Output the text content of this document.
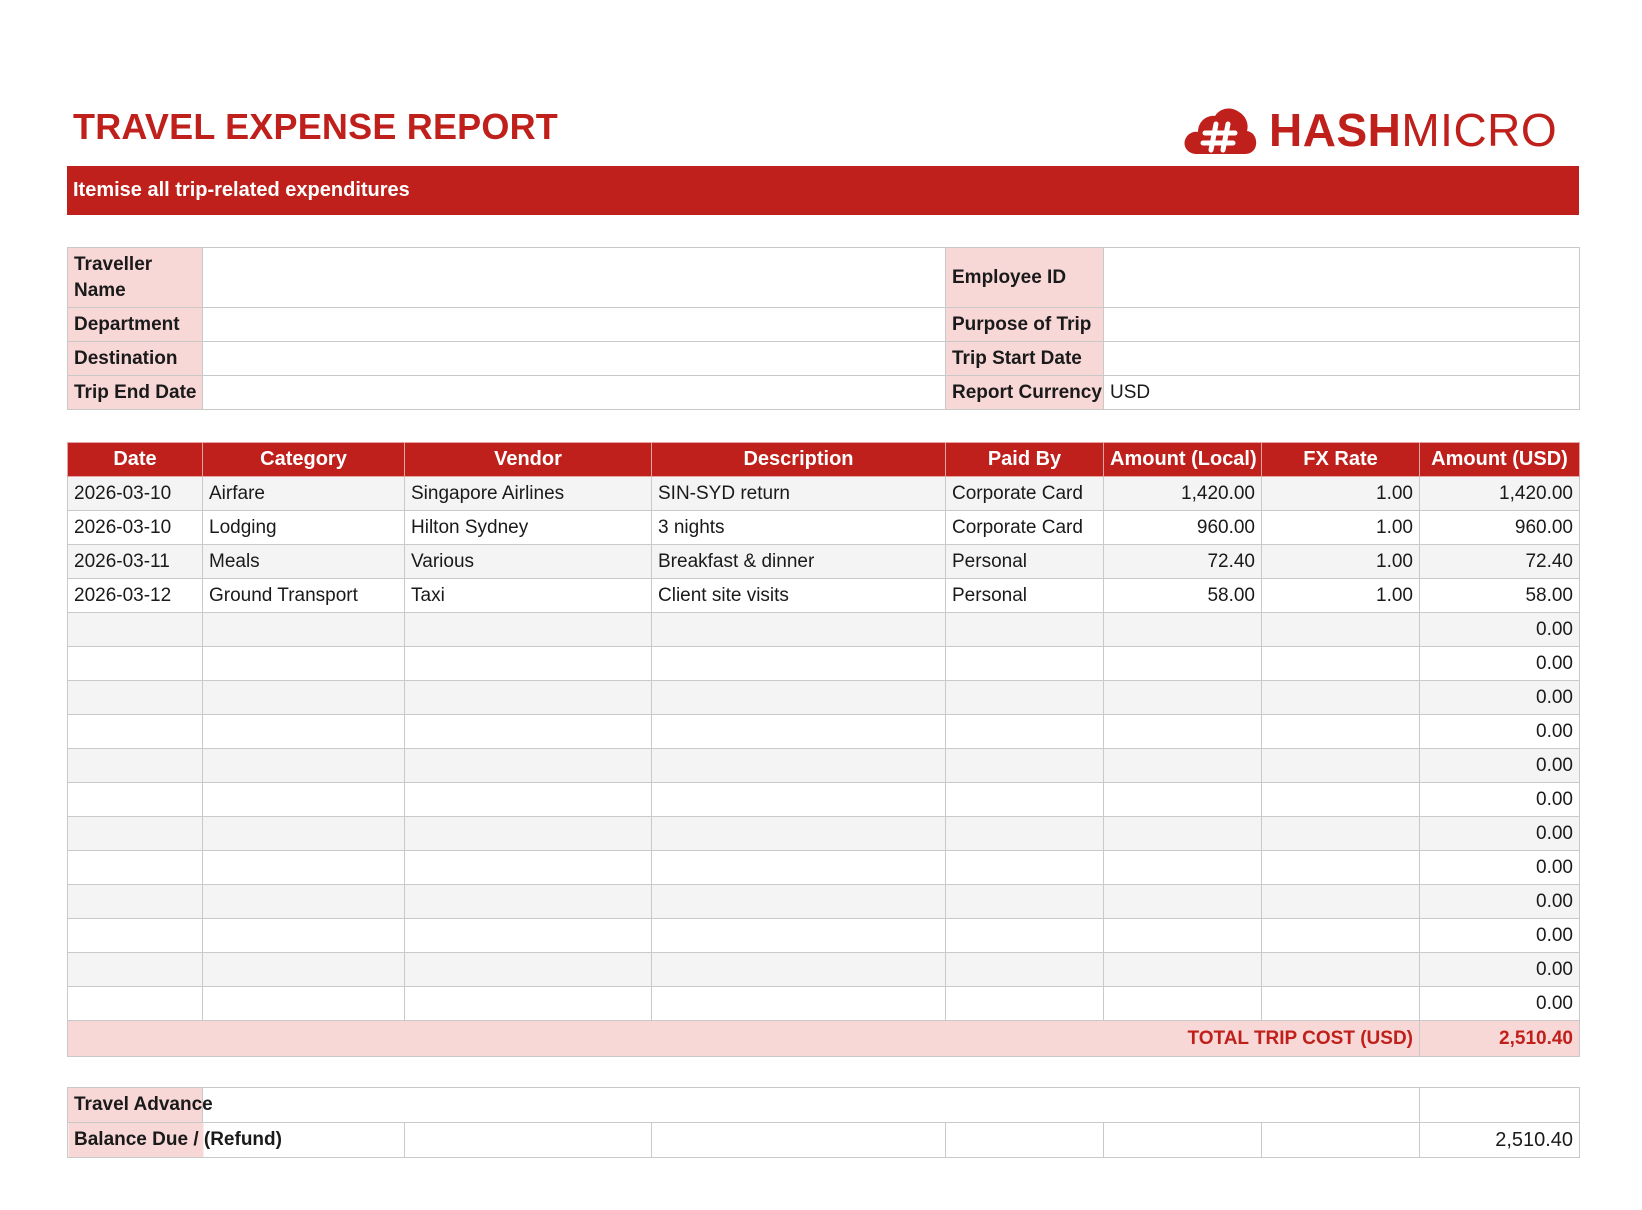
TRAVEL EXPENSE REPORT	HASHMICRO
Itemise all trip-related expenditures
Traveller Name		Employee ID	
Department		Purpose of Trip	
Destination		Trip Start Date	
Trip End Date		Report Currency	USD
Date	Category	Vendor	Description	Paid By	Amount (Local)	FX Rate	Amount (USD)
2026-03-10	Airfare	Singapore Airlines	SIN-SYD return	Corporate Card	1,420.00	1.00	1,420.00
2026-03-10	Lodging	Hilton Sydney	3 nights	Corporate Card	960.00	1.00	960.00
2026-03-11	Meals	Various	Breakfast & dinner	Personal	72.40	1.00	72.40
2026-03-12	Ground Transport	Taxi	Client site visits	Personal	58.00	1.00	58.00
							0.00
							0.00
							0.00
							0.00
							0.00
							0.00
							0.00
							0.00
							0.00
							0.00
							0.00
							0.00
TOTAL TRIP COST (USD)							2,510.40
Travel Advance							
Balance Due / (Refund)							2,510.40
